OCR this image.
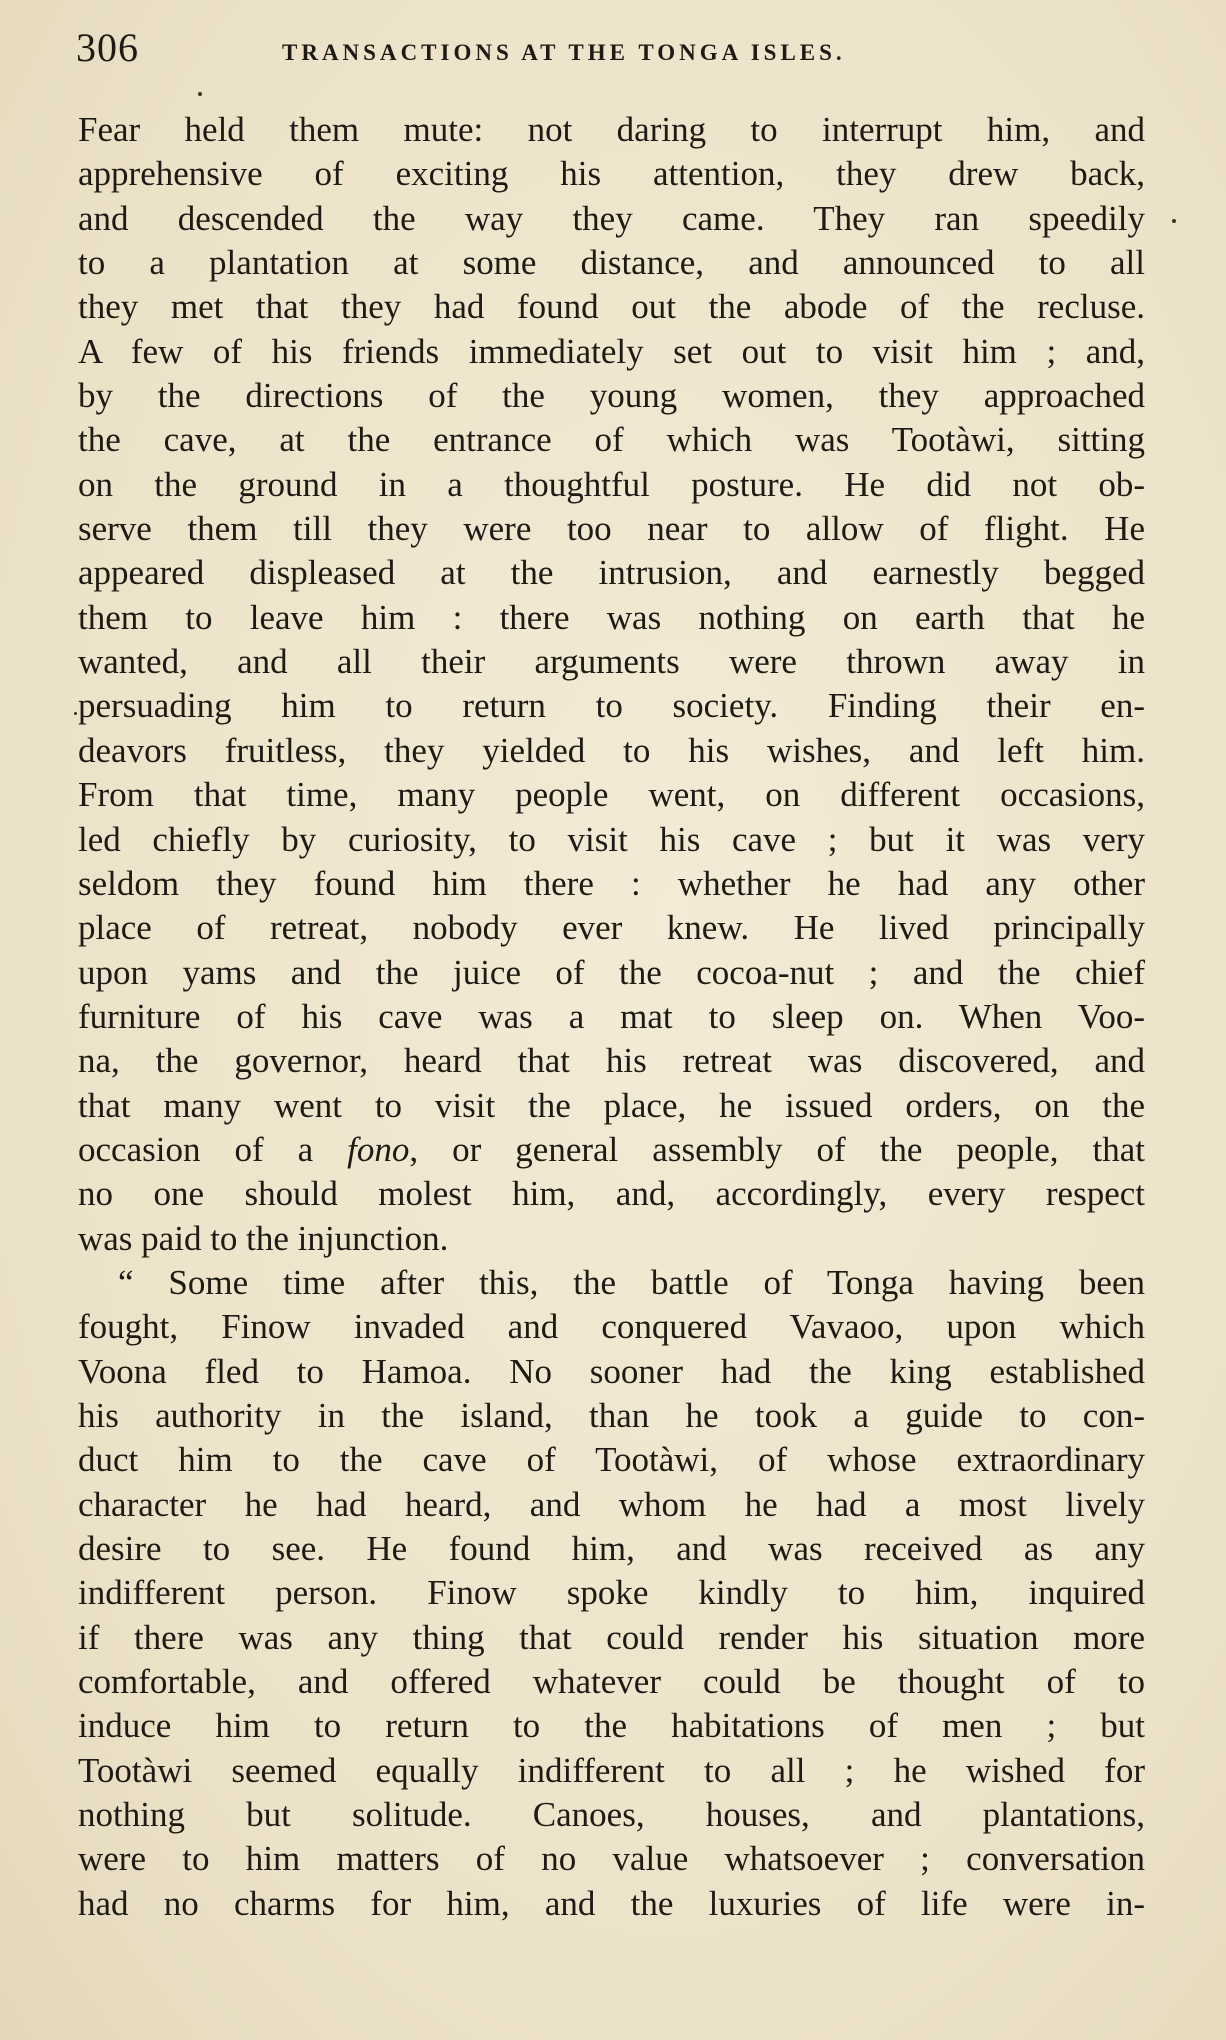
306	TRANSACTIONS AT THE TONGA ISLES.
Fear held them mute: not daring to interrupt him, and
apprehensive of exciting his attention, they drew back,
and descended the way they came. They ran speedily
to a plantation at some distance, and announced to all
they met that they had found out the abode of the recluse.
A few of his friends immediately set out to visit him ; and,
by the directions of the young women, they approached
the cave, at the entrance of which was Tootàwi, sitting
on the ground in a thoughtful posture. He did not ob-
serve them till they were too near to allow of flight. He
appeared displeased at the intrusion, and earnestly begged
them to leave him : there was nothing on earth that he
wanted, and all their arguments were thrown away in
persuading him to return to society. Finding their en-
deavors fruitless, they yielded to his wishes, and left him.
From that time, many people went, on different occasions,
led chiefly by curiosity, to visit his cave ; but it was very
seldom they found him there : whether he had any other
place of retreat, nobody ever knew. He lived principally
upon yams and the juice of the cocoa-nut ; and the chief
furniture of his cave was a mat to sleep on. When Voo-
na, the governor, heard that his retreat was discovered, and
that many went to visit the place, he issued orders, on the
occasion of a fono, or general assembly of the people, that
no one should molest him, and, accordingly, every respect
was paid to the injunction.
“ Some time after this, the battle of Tonga having been
fought, Finow invaded and conquered Vavaoo, upon which
Voona fled to Hamoa. No sooner had the king established
his authority in the island, than he took a guide to con-
duct him to the cave of Tootàwi, of whose extraordinary
character he had heard, and whom he had a most lively
desire to see. He found him, and was received as any
indifferent person. Finow spoke kindly to him, inquired
if there was any thing that could render his situation more
comfortable, and offered whatever could be thought of to
induce him to return to the habitations of men ; but
Tootàwi seemed equally indifferent to all ; he wished for
nothing but solitude. Canoes, houses, and plantations,
were to him matters of no value whatsoever ; conversation
had no charms for him, and the luxuries of life were in-
